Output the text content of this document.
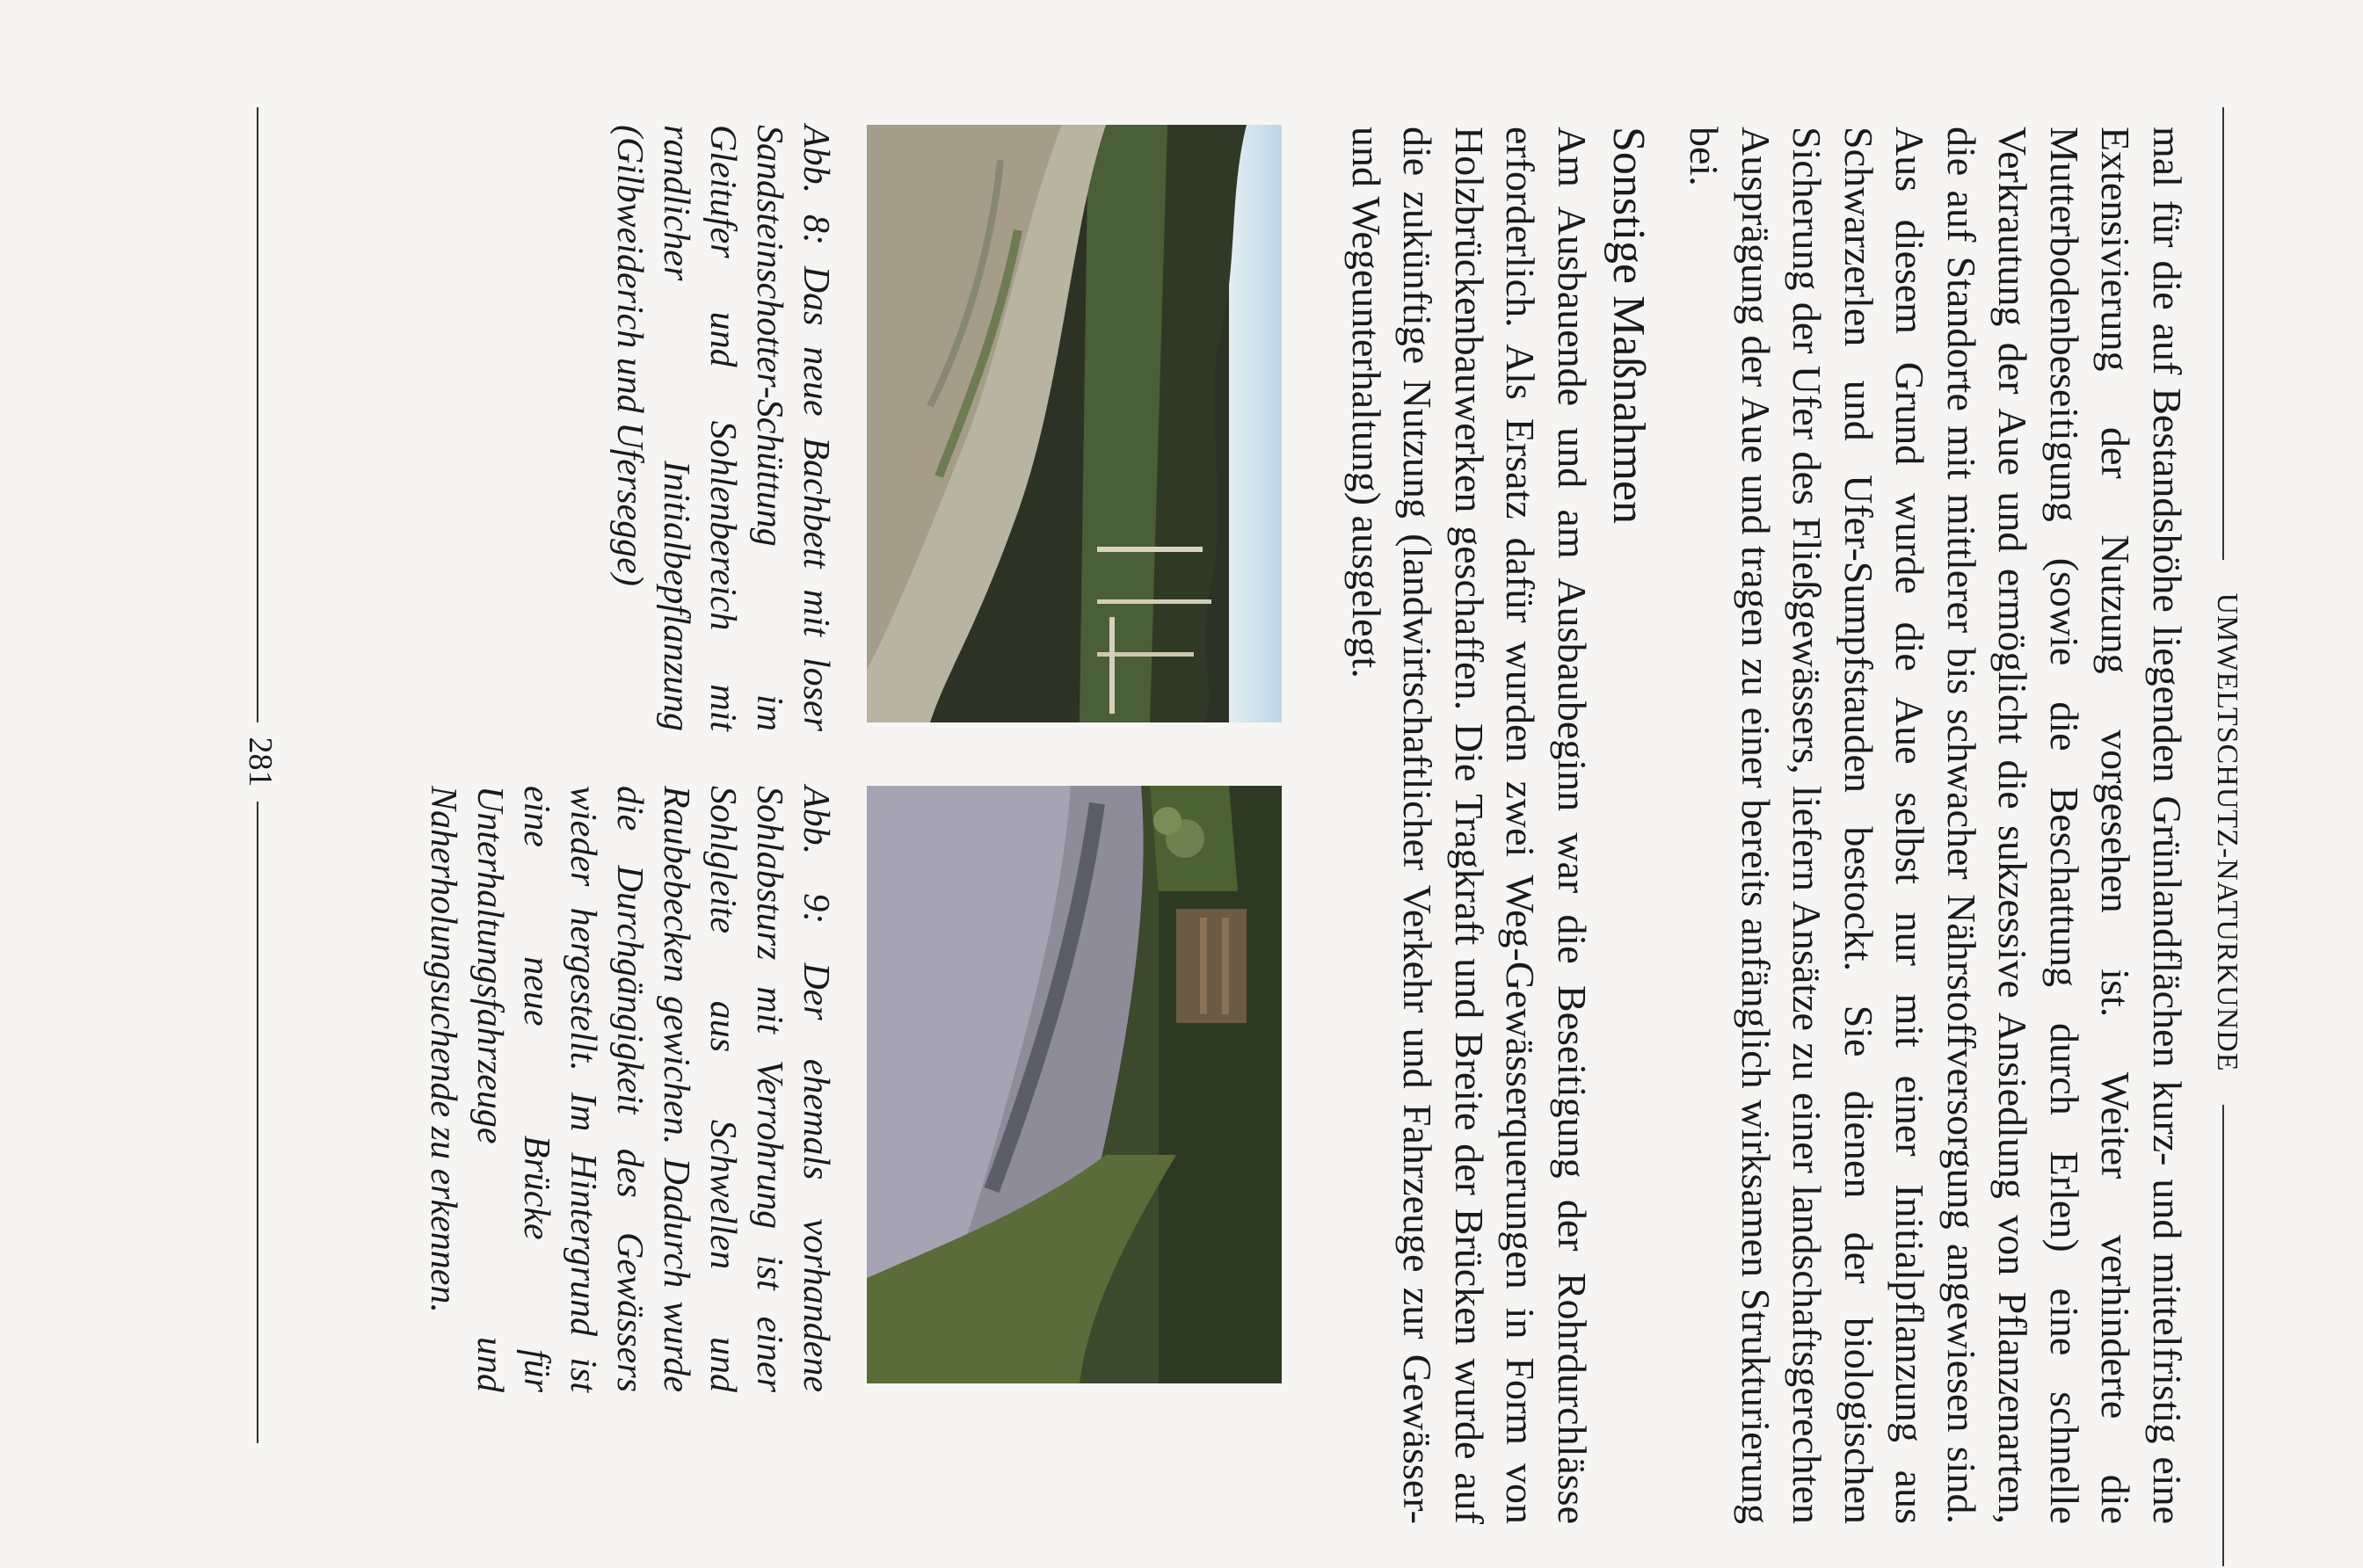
UMWELTSCHUTZ-NATURKUNDE

mal für die auf Bestandshöhe liegenden Grünlandflächen kurz- und mittelfristig eine Extensivierung der Nutzung vorgesehen ist. Weiter verhinderte die Mutterbodenbeseitigung (sowie die Beschattung durch Erlen) eine schnelle Verkrautung der Aue und ermöglicht die sukzessive Ansiedlung von Pflanzenarten, die auf Standorte mit mittlerer bis schwacher Nährstoffversorgung angewiesen sind. Aus diesem Grund wurde die Aue selbst nur mit einer Initialpflanzung aus Schwarzerlen und Ufer-Sumpfstauden bestockt. Sie dienen der biologischen Sicherung der Ufer des Fließgewässers, liefern Ansätze zu einer landschaftsgerechten Ausprägung der Aue und tragen zu einer bereits anfänglich wirksamen Strukturierung bei.

Sonstige Maßnahmen

Am Ausbauende und am Ausbaubeginn war die Beseitigung der Rohrdurchlässe erforderlich. Als Ersatz dafür wurden zwei Weg-Gewässerquerungen in Form von Holzbrückenbauwerken geschaffen. Die Tragkraft und Breite der Brücken wurde auf die zukünftige Nutzung (landwirtschaftlicher Verkehr und Fahrzeuge zur Gewässer- und Wegeunterhaltung) ausgelegt.

Abb. 8: Das neue Bachbett mit loser Sandsteinschotter-Schüttung im Gleitufer und Sohlenbereich mit randlicher Initialbepflanzung (Gilbweiderich und Ufersegge)
Abb. 9: Der ehemals vorhandene Sohlabsturz mit Verrohrung ist einer Sohlgleite aus Schwellen und Raubebecken gewichen. Dadurch wurde die Durchgängigkeit des Gewässers wieder hergestellt. Im Hintergrund ist eine neue Brücke für Unterhaltungsfahrzeuge und Naherholungsuchende zu erkennen.
281
